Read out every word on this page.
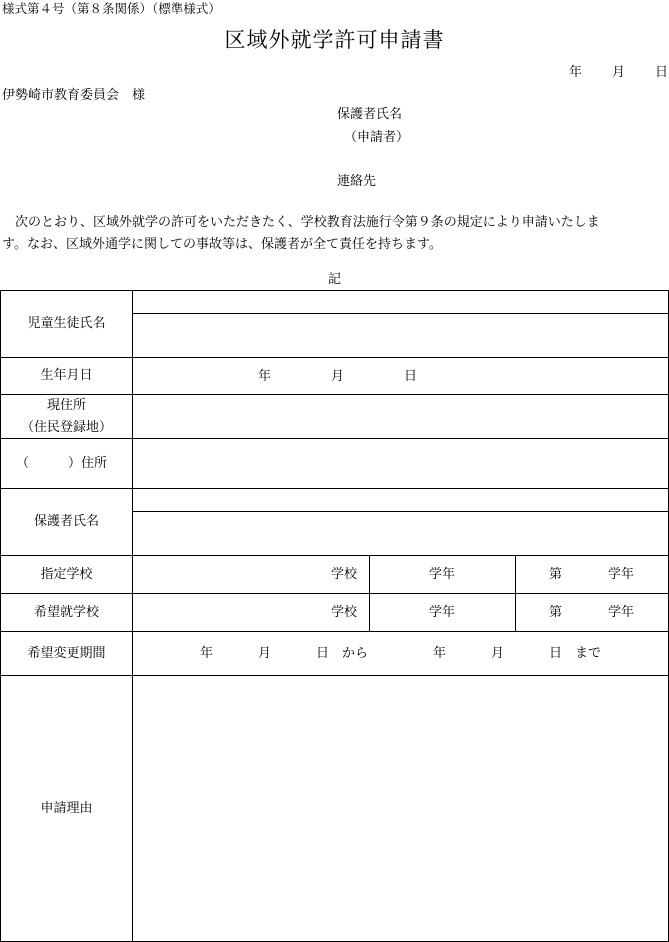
様式第４号（第８条関係）（標準様式）
区域外就学許可申請書
年 月 日
伊勢崎市教育委員会　様
保護者氏名
（申請者）
連絡先
　次のとおり、区域外就学の許可をいただきたく、学校教育法施行令第９条の規定により申請いたしま
す。なお、区域外通学に関しての事故等は、保護者が全て責任を持ちます。
記
児童生徒氏名
生年月日	年	月	日
現住所
（住民登録地）
（　　　）住所
保護者氏名
指定学校	学校	学年	第	学年
希望就学校	学校	学年	第	学年
希望変更期間	年	月	日　から	年	月	日　まで
申請理由
